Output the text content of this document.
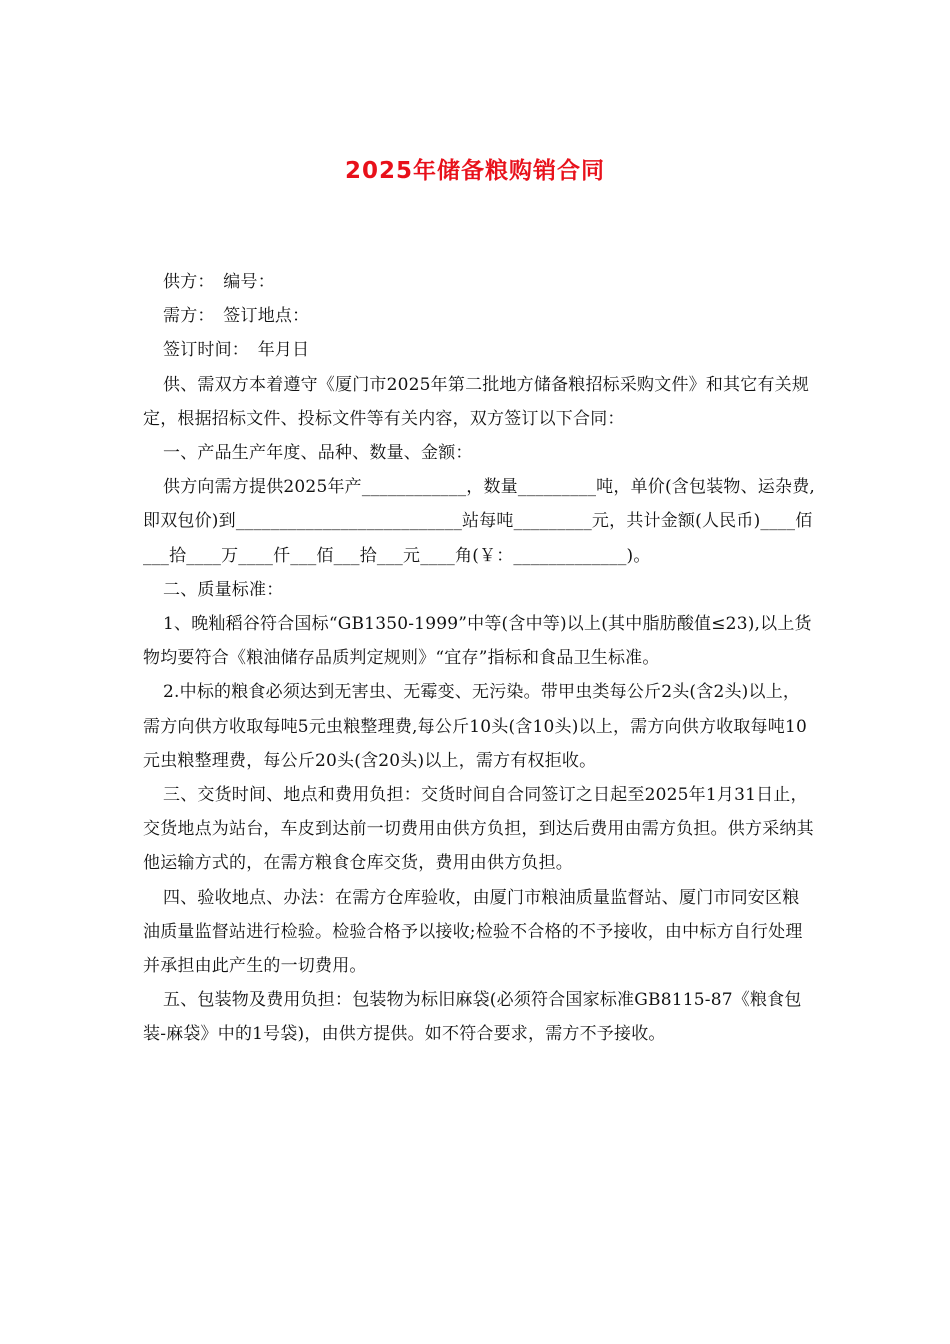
2025年储备粮购销合同

供方：　编号：

需方：　签订地点：

签订时间：　年月日

供、需双方本着遵守《厦门市2025年第二批地方储备粮招标采购文件》和其它有关规定，根据招标文件、投标文件等有关内容，双方签订以下合同：

一、产品生产年度、品种、数量、金额：

供方向需方提供2025年产____________，数量_________吨，单价(含包装物、运杂费,即双包价)到__________________________站每吨_________元，共计金额(人民币)____佰___拾____万____仟___佰___拾___元____角(￥：_____________)。

二、质量标准：

1、晚籼稻谷符合国标“GB1350-1999”中等(含中等)以上(其中脂肪酸值≤23),以上货物均要符合《粮油储存品质判定规则》“宜存”指标和食品卫生标准。

2.中标的粮食必须达到无害虫、无霉变、无污染。带甲虫类每公斤2头(含2头)以上，需方向供方收取每吨5元虫粮整理费,每公斤10头(含10头)以上，需方向供方收取每吨10元虫粮整理费，每公斤20头(含20头)以上，需方有权拒收。

三、交货时间、地点和费用负担：交货时间自合同签订之日起至2025年1月31日止，交货地点为站台，车皮到达前一切费用由供方负担，到达后费用由需方负担。供方采纳其他运输方式的，在需方粮食仓库交货，费用由供方负担。

四、验收地点、办法：在需方仓库验收，由厦门市粮油质量监督站、厦门市同安区粮油质量监督站进行检验。检验合格予以接收;检验不合格的不予接收，由中标方自行处理并承担由此产生的一切费用。

五、包装物及费用负担：包装物为标旧麻袋(必须符合国家标准GB8115-87《粮食包装-麻袋》中的1号袋)，由供方提供。如不符合要求，需方不予接收。
